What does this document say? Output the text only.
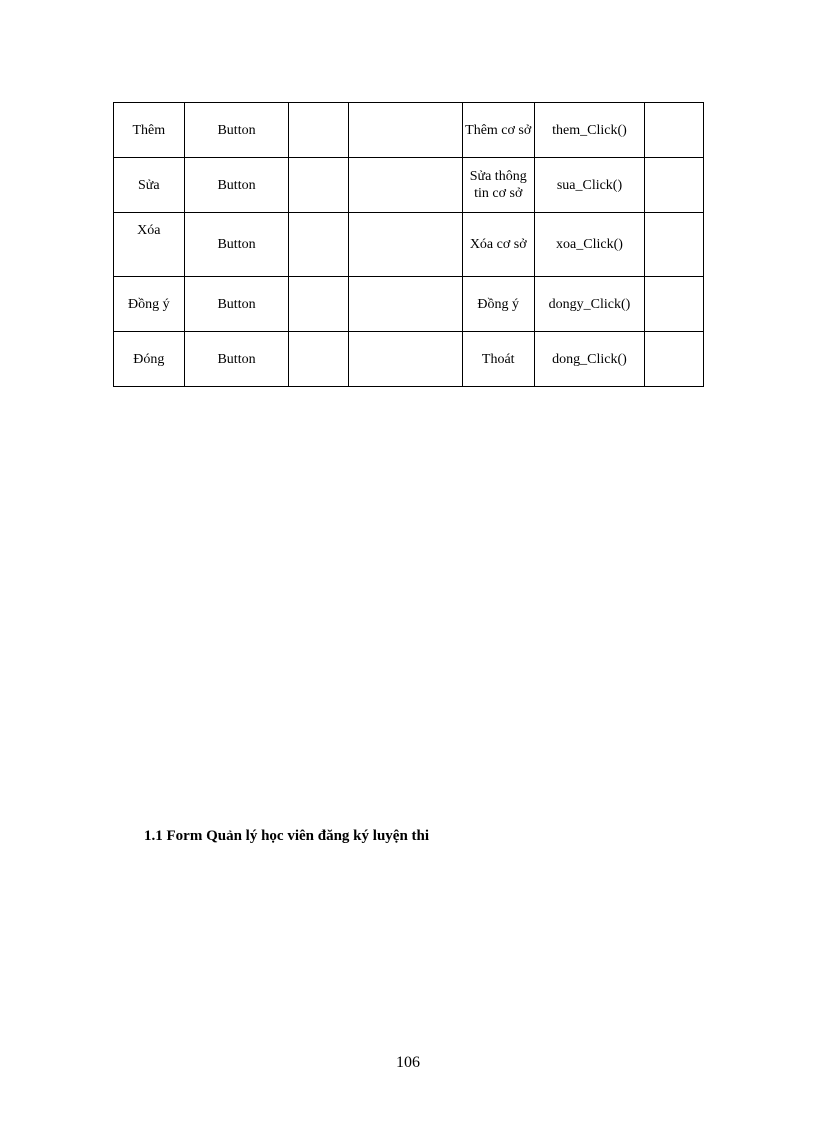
Thêm	Button			Thêm cơ sở	them_Click()	
Sửa	Button			Sửa thông tin cơ sở	sua_Click()	
Xóa	Button			Xóa cơ sở	xoa_Click()	
Đồng ý	Button			Đồng ý	dongy_Click()	
Đóng	Button			Thoát	dong_Click()	
1.1 Form Quản lý học viên đăng ký luyện thi
106
